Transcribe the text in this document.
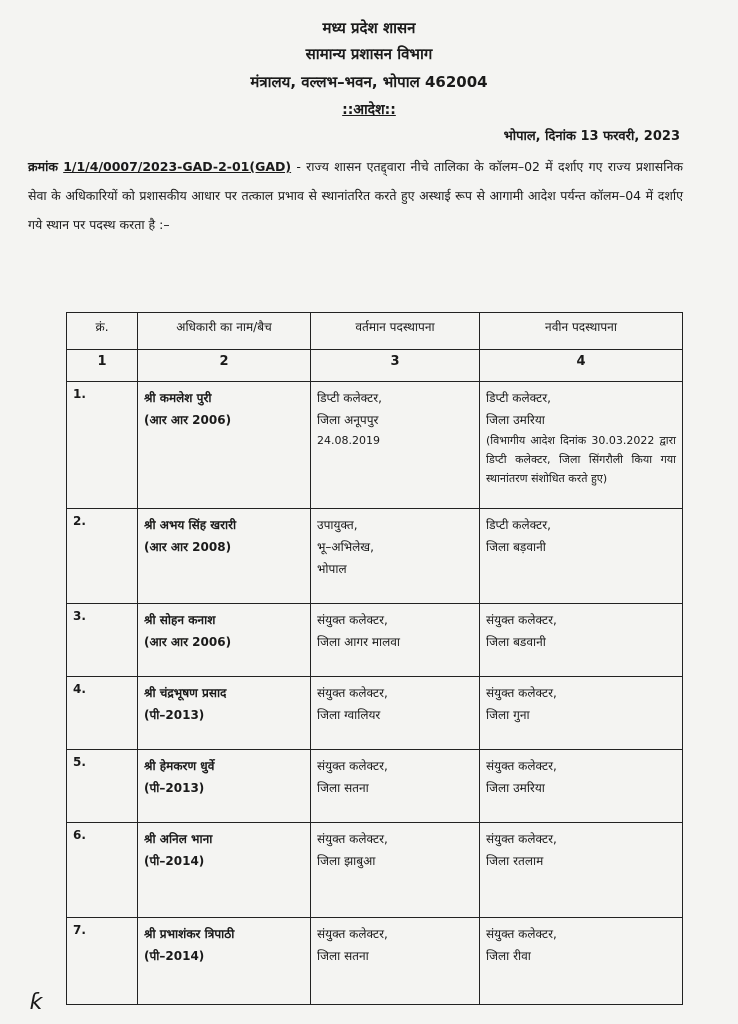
मध्य प्रदेश शासन
सामान्य प्रशासन विभाग
मंत्रालय, वल्लभ–भवन, भोपाल 462004
::आदेश::
भोपाल, दिनांक 13 फरवरी, 2023
क्रमांक 1/1/4/0007/2023-GAD-2-01(GAD) - राज्य शासन एतद्द्वारा नीचे तालिका के कॉलम–02 में दर्शाए गए राज्य प्रशासनिक सेवा के अधिकारियों को प्रशासकीय आधार पर तत्काल प्रभाव से स्थानांतरित करते हुए अस्थाई रूप से आगामी आदेश पर्यन्त कॉलम–04 में दर्शाए गये स्थान पर पदस्थ करता है :–
क्रं.	अधिकारी का नाम/बैच	वर्तमान पदस्थापना	नवीन पदस्थापना
1	2	3	4
1.	श्री कमलेश पुरी
(आर आर 2006)	डिप्टी कलेक्टर,
जिला अनूपपुर
24.08.2019	डिप्टी कलेक्टर,
जिला उमरिया
(विभागीय आदेश दिनांक 30.03.2022 द्वारा डिप्टी कलेक्टर, जिला सिंगरौली किया गया स्थानांतरण संशोधित करते हुए)

2.	श्री अभय सिंह खरारी
(आर आर 2008)	उपायुक्त,
भू–अभिलेख,
भोपाल	डिप्टी कलेक्टर,
जिला बड़वानी

3.	श्री सोहन कनाश
(आर आर 2006)	संयुक्त कलेक्टर,
जिला आगर मालवा	संयुक्त कलेक्टर,
जिला बडवानी

4.	श्री चंद्रभूषण प्रसाद
(पी–2013)	संयुक्त कलेक्टर,
जिला ग्वालियर	संयुक्त कलेक्टर,
जिला गुना

5.	श्री हेमकरण धुर्वे
(पी–2013)	संयुक्त कलेक्टर,
जिला सतना	संयुक्त कलेक्टर,
जिला उमरिया

6.	श्री अनिल भाना
(पी–2014)	संयुक्त कलेक्टर,
जिला झाबुआ	संयुक्त कलेक्टर,
जिला रतलाम

7.	श्री प्रभाशंकर त्रिपाठी
(पी–2014)	संयुक्त कलेक्टर,
जिला सतना	संयुक्त कलेक्टर,
जिला रीवा
ƙ
